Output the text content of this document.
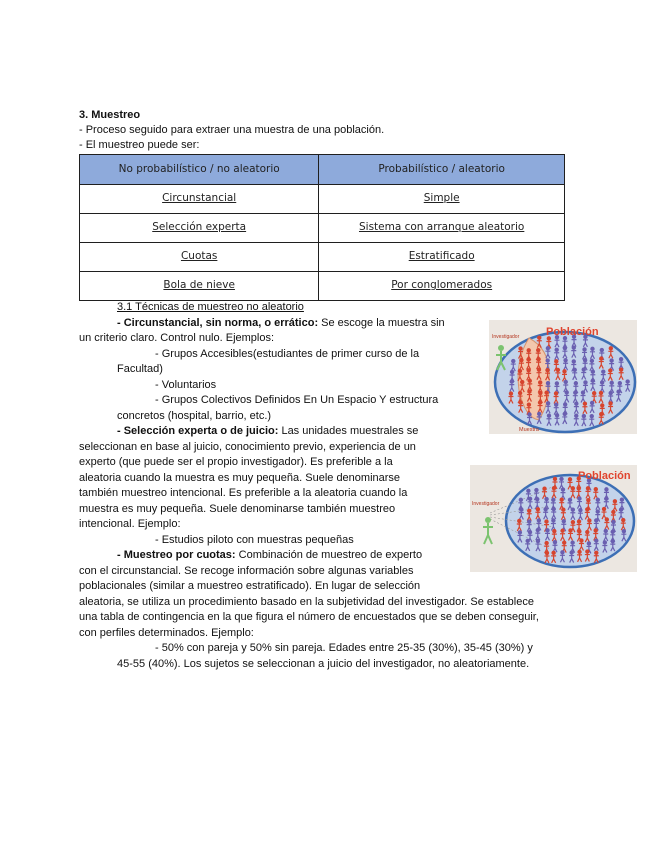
3. Muestreo
- Proceso seguido para extraer una muestra de una población.
- El muestreo puede ser:
No probabilístico / no aleatorio	Probabilístico / aleatorio
Circunstancial	Simple
Selección experta	Sistema con arranque aleatorio
Cuotas	Estratificado
Bola de nieve	Por conglomerados
3.1 Técnicas de muestreo no aleatorio
- Circunstancial, sin norma, o errático: Se escoge la muestra sin
un criterio claro. Control nulo. Ejemplos:
- Grupos Accesibles(estudiantes de primer curso de la
Facultad)
- Voluntarios
- Grupos Colectivos Definidos En Un Espacio Y estructura
concretos (hospital, barrio, etc.)
- Selección experta o de juicio: Las unidades muestrales se
seleccionan en base al juicio, conocimiento previo, experiencia de un
experto (que puede ser el propio investigador). Es preferible a la
aleatoria cuando la muestra es muy pequeña. Suele denominarse
también muestreo intencional. Es preferible a la aleatoria cuando la
muestra es muy pequeña. Suele denominarse también muestreo
intencional. Ejemplo:
- Estudios piloto con muestras pequeñas
- Muestreo por cuotas: Combinación de muestreo de experto
con el circunstancial. Se recoge información sobre algunas variables
poblacionales (similar a muestreo estratificado). En lugar de selección
aleatoria, se utiliza un procedimiento basado en la subjetividad del investigador. Se establece
una tabla de contingencia en la que figura el número de encuestados que se deben conseguir,
con perfiles determinados. Ejemplo:
- 50% con pareja y 50% sin pareja. Edades entre 25-35 (30%), 35-45 (30%) y
45-55 (40%). Los sujetos se seleccionan a juicio del investigador, no aleatoriamente.
Población
Investigador
Muestra
Población
Investigador
